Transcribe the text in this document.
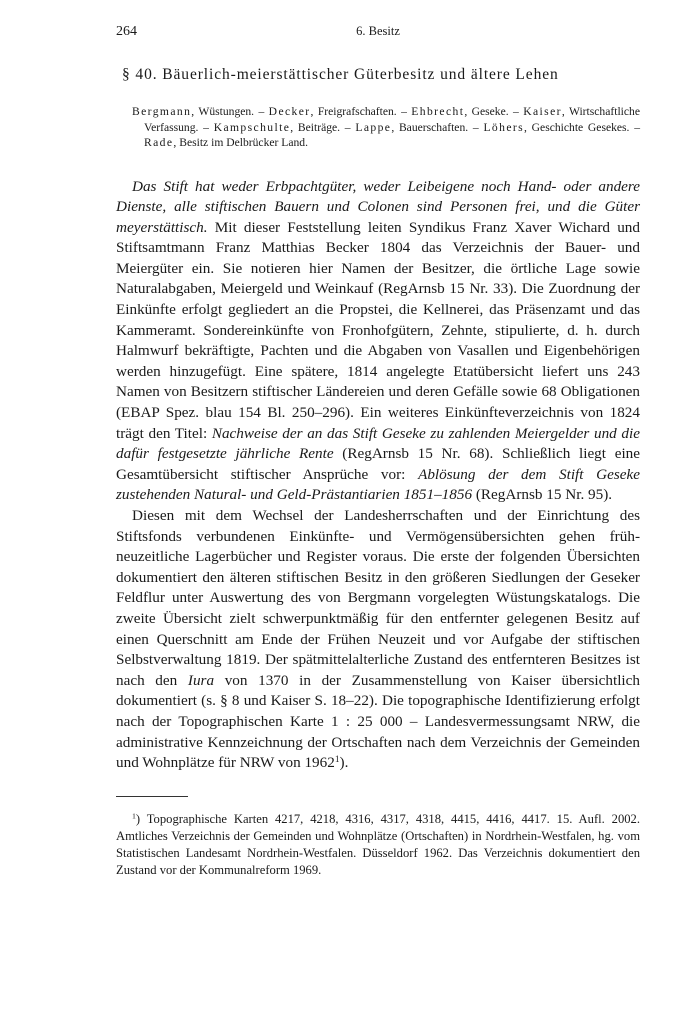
264	6. Besitz
§ 40. Bäuerlich-meierstättischer Güterbesitz und ältere Lehen
Bergmann, Wüstungen. – Decker, Freigrafschaften. – Ehbrecht, Geseke. – Kaiser, Wirtschaftliche Verfassung. – Kampschulte, Beiträge. – Lappe, Bauerschaften. – Löhers, Geschichte Gesekes. – Rade, Besitz im Delbrücker Land.

Das Stift hat weder Erbpachtgüter, weder Leibeigene noch Hand- oder andere Dienste, alle stiftischen Bauern und Colonen sind Personen frei, und die Güter meyerstättisch. Mit dieser Feststellung leiten Syndikus Franz Xaver Wichard und Stiftsamtmann Franz Matthias Becker 1804 das Verzeichnis der Bauer- und Meiergüter ein. Sie notieren hier Namen der Besitzer, die örtliche Lage sowie Naturalabgaben, Meiergeld und Weinkauf (RegArnsb 15 Nr. 33). Die Zuordnung der Einkünfte erfolgt gegliedert an die Propstei, die Kellnerei, das Präsenzamt und das Kammeramt. Sondereinkünfte von Fronhofgütern, Zehnte, stipulierte, d. h. durch Halmwurf bekräftigte, Pachten und die Abgaben von Vasallen und Eigenbehörigen werden hinzugefügt. Eine spätere, 1814 angelegte Etatübersicht liefert uns 243 Namen von Besitzern stiftischer Ländereien und deren Gefälle sowie 68 Obligationen (EBAP Spez. blau 154 Bl. 250–296). Ein weiteres Einkünfteverzeichnis von 1824 trägt den Titel: Nachweise der an das Stift Geseke zu zahlenden Meiergelder und die dafür festgesetzte jährliche Rente (RegArnsb 15 Nr. 68). Schließlich liegt eine Gesamtübersicht stiftischer Ansprüche vor: Ablösung der dem Stift Geseke zustehenden Natural- und Geld-Prästantiarien 1851–1856 (RegArnsb 15 Nr. 95).

Diesen mit dem Wechsel der Landesherrschaften und der Einrichtung des Stiftsfonds verbundenen Einkünfte- und Vermögensübersichten gehen frühneuzeitliche Lagerbücher und Register voraus. Die erste der folgenden Übersichten dokumentiert den älteren stiftischen Besitz in den größeren Siedlungen der Geseker Feldflur unter Auswertung des von Bergmann vorgelegten Wüstungskatalogs. Die zweite Übersicht zielt schwerpunktmäßig für den entfernter gelegenen Besitz auf einen Querschnitt am Ende der Frühen Neuzeit und vor Aufgabe der stiftischen Selbstverwaltung 1819. Der spätmittelalterliche Zustand des entfernteren Besitzes ist nach den Iura von 1370 in der Zusammenstellung von Kaiser übersichtlich dokumentiert (s. § 8 und Kaiser S. 18–22). Die topographische Identifizierung erfolgt nach der Topographischen Karte 1 : 25 000 – Landesvermessungsamt NRW, die administrative Kennzeichnung der Ortschaften nach dem Verzeichnis der Gemeinden und Wohnplätze für NRW von 1962$^1$).

$^1$) Topographische Karten 4217, 4218, 4316, 4317, 4318, 4415, 4416, 4417. 15. Aufl. 2002. Amtliches Verzeichnis der Gemeinden und Wohnplätze (Ortschaften) in Nordrhein-Westfalen, hg. vom Statistischen Landesamt Nordrhein-Westfalen. Düsseldorf 1962. Das Verzeichnis dokumentiert den Zustand vor der Kommunalreform 1969.
